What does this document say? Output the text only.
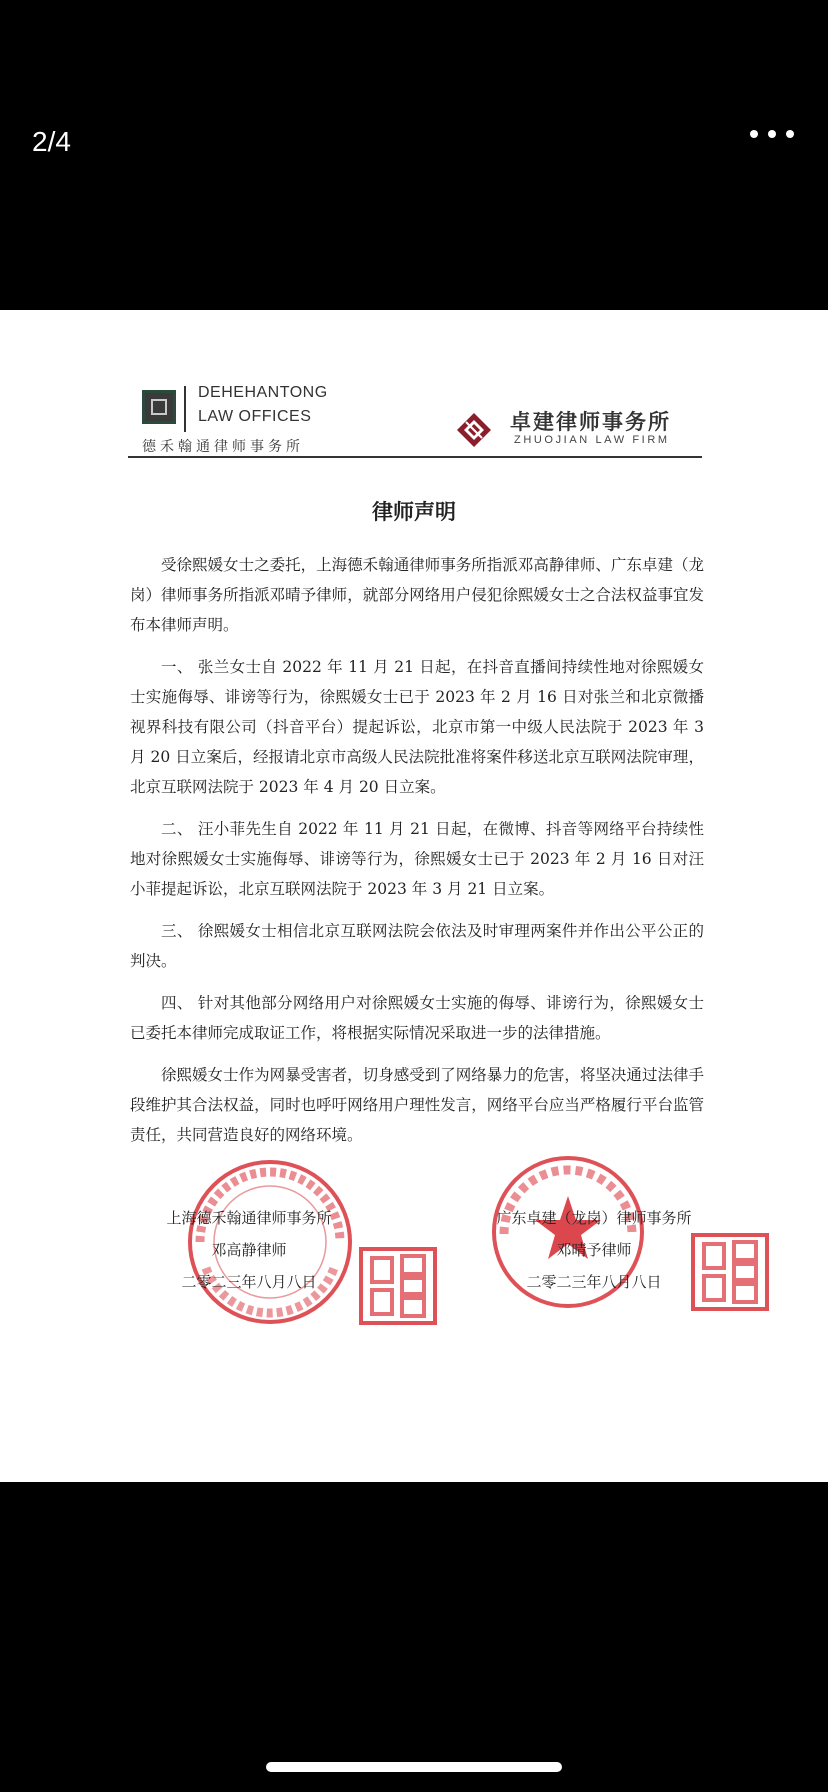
2/4
DEHEHANTONG
LAW OFFICES
德禾翰通律师事务所
卓建律师事务所
ZHUOJIAN LAW FIRM
律师声明

受徐熙媛女士之委托，上海德禾翰通律师事务所指派邓高静律师、广东卓建（龙岗）律师事务所指派邓晴予律师，就部分网络用户侵犯徐熙媛女士之合法权益事宜发布本律师声明。

一、 张兰女士自 2022 年 11 月 21 日起，在抖音直播间持续性地对徐熙媛女士实施侮辱、诽谤等行为，徐熙媛女士已于 2023 年 2 月 16 日对张兰和北京微播视界科技有限公司（抖音平台）提起诉讼，北京市第一中级人民法院于 2023 年 3 月 20 日立案后，经报请北京市高级人民法院批准将案件移送北京互联网法院审理，北京互联网法院于 2023 年 4 月 20 日立案。

二、 汪小菲先生自 2022 年 11 月 21 日起，在微博、抖音等网络平台持续性地对徐熙媛女士实施侮辱、诽谤等行为，徐熙媛女士已于 2023 年 2 月 16 日对汪小菲提起诉讼，北京互联网法院于 2023 年 3 月 21 日立案。

三、 徐熙媛女士相信北京互联网法院会依法及时审理两案件并作出公平公正的判决。

四、 针对其他部分网络用户对徐熙媛女士实施的侮辱、诽谤行为，徐熙媛女士已委托本律师完成取证工作，将根据实际情况采取进一步的法律措施。

徐熙媛女士作为网暴受害者，切身感受到了网络暴力的危害，将坚决通过法律手段维护其合法权益，同时也呼吁网络用户理性发言，网络平台应当严格履行平台监管责任，共同营造良好的网络环境。

上海德禾翰通律师事务所
邓高静律师
二零二三年八月八日
广东卓建（龙岗）律师事务所
邓晴予律师
二零二三年八月八日
